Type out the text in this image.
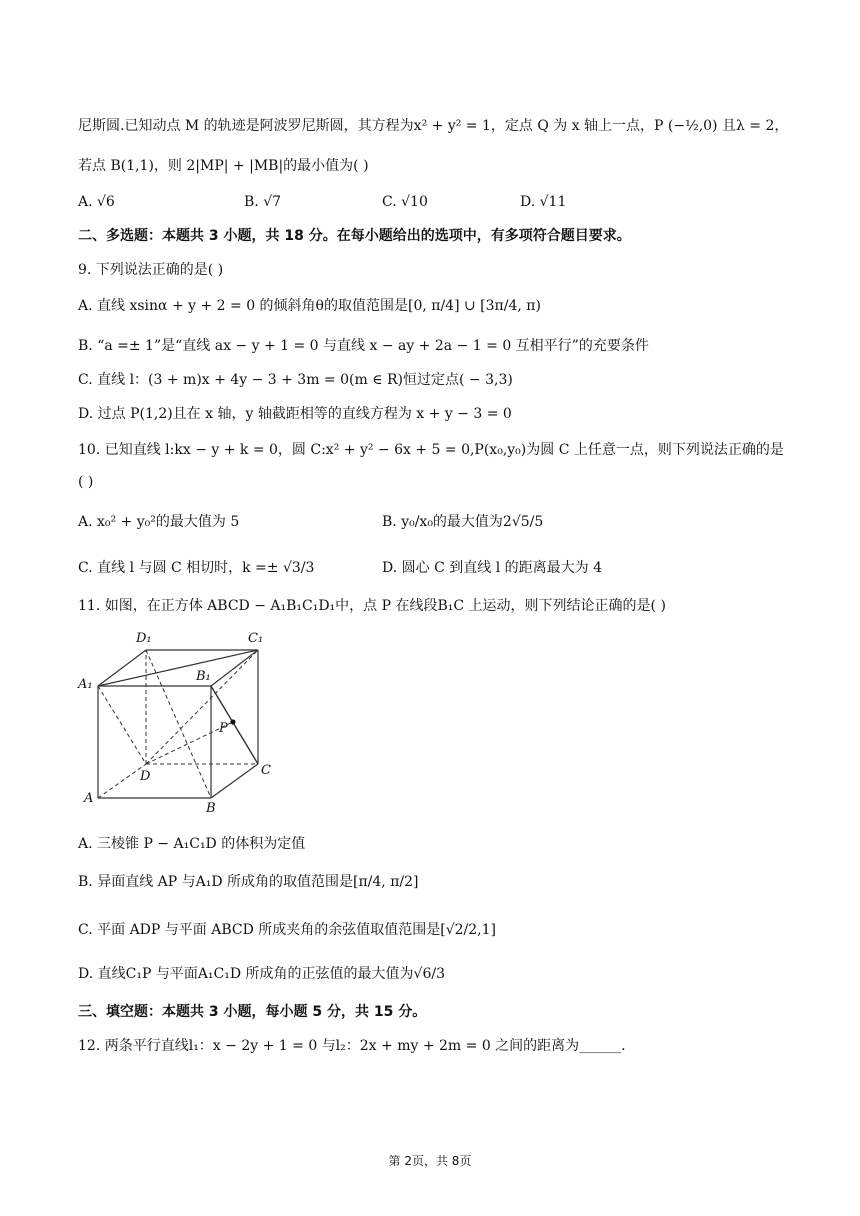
尼斯圆.已知动点 M 的轨迹是阿波罗尼斯圆，其方程为x² + y² = 1，定点 Q 为 x 轴上一点，P (−½,0) 且λ = 2，
若点 B(1,1)，则 2|MP| + |MB|的最小值为( )
A. √6	B. √7	C. √10	D. √11
二、多选题：本题共 3 小题，共 18 分。在每小题给出的选项中，有多项符合题目要求。
9. 下列说法正确的是( )
A. 直线 xsinα + y + 2 = 0 的倾斜角θ的取值范围是[0, π/4] ∪ [3π/4, π)
B. “a =± 1”是“直线 ax − y + 1 = 0 与直线 x − ay + 2a − 1 = 0 互相平行”的充要条件
C. 直线 l：(3 + m)x + 4y − 3 + 3m = 0(m ∈ R)恒过定点( − 3,3)
D. 过点 P(1,2)且在 x 轴，y 轴截距相等的直线方程为 x + y − 3 = 0
10. 已知直线 l:kx − y + k = 0，圆 C:x² + y² − 6x + 5 = 0,P(x₀,y₀)为圆 C 上任意一点，则下列说法正确的是
( )
A. x₀² + y₀²的最大值为 5	B. y₀/x₀的最大值为2√5/5
C. 直线 l 与圆 C 相切时，k =± √3/3	D. 圆心 C 到直线 l 的距离最大为 4
11. 如图，在正方体 ABCD − A₁B₁C₁D₁中，点 P 在线段B₁C 上运动，则下列结论正确的是( )
A₁
B₁
C₁
D₁
A
B
C
D
P
A. 三棱锥 P − A₁C₁D 的体积为定值
B. 异面直线 AP 与A₁D 所成角的取值范围是[π/4, π/2]
C. 平面 ADP 与平面 ABCD 所成夹角的余弦值取值范围是[√2/2,1]
D. 直线C₁P 与平面A₁C₁D 所成角的正弦值的最大值为√6/3
三、填空题：本题共 3 小题，每小题 5 分，共 15 分。
12. 两条平行直线l₁：x − 2y + 1 = 0 与l₂：2x + my + 2m = 0 之间的距离为______.
第 2页，共 8页
